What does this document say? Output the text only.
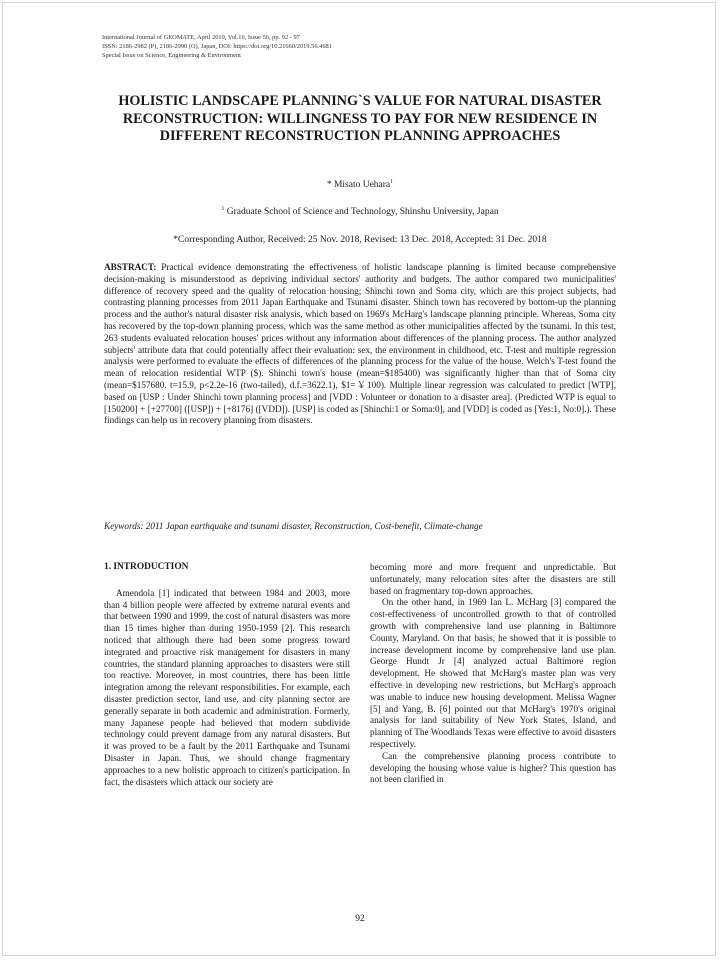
International Journal of GEOMATE, April 2019, Vol.16, Issue 56, pp. 92 - 97
ISSN: 2186-2982 (P), 2186-2990 (O), Japan, DOI: https://doi.org/10.21660/2019.56.4681
Special Issue on Science, Engineering & Environment
HOLISTIC LANDSCAPE PLANNING`S VALUE FOR NATURAL DISASTER RECONSTRUCTION: WILLINGNESS TO PAY FOR NEW RESIDENCE IN DIFFERENT RECONSTRUCTION PLANNING APPROACHES
* Misato Uehara$^1$
$^1$ Graduate School of Science and Technology, Shinshu University, Japan
*Corresponding Author, Received: 25 Nov. 2018, Revised: 13 Dec. 2018, Accepted: 31 Dec. 2018
ABSTRACT: Practical evidence demonstrating the effectiveness of holistic landscape planning is limited because comprehensive decision-making is misunderstood as depriving individual sectors' authority and budgets. The author compared two municipalities' difference of recovery speed and the quality of relocation housing; Shinchi town and Soma city, which are this project subjects, had contrasting planning processes from 2011 Japan Earthquake and Tsunami disaster. Shinch town has recovered by bottom-up the planning process and the author's natural disaster risk analysis, which based on 1969's McHarg's landscape planning principle. Whereas, Soma city has recovered by the top-down planning process, which was the same method as other municipalities affected by the tsunami. In this test, 263 students evaluated relocation houses' prices without any information about differences of the planning process. The author analyzed subjects' attribute data that could potentially affect their evaluation: sex, the environment in childhood, etc. T-test and multiple regression analysis were performed to evaluate the effects of differences of the planning process for the value of the house. Welch's T-test found the mean of relocation residential WTP ($). Shinchi town's house (mean=$185400) was significantly higher than that of Soma city (mean=$157680. t=15.9, p<2.2e-16 (two-tailed), d.f.=3622.1), $1=￥100). Multiple linear regression was calculated to predict [WTP], based on [USP : Under Shinchi town planning process] and [VDD : Volunteer or donation to a disaster area]. (Predicted WTP is equal to [150200] + [+27700] ([USP]) + [+8176] ([VDD]). [USP] is coded as [Shinchi:1 or Soma:0], and [VDD] is coded as [Yes:1, No:0].). These findings can help us in recovery planning from disasters.
Keywords: 2011 Japan earthquake and tsunami disaster, Reconstruction, Cost-benefit, Climate-change
1. INTRODUCTION

Amendola [1] indicated that between 1984 and 2003, more than 4 billion people were affected by extreme natural events and that between 1990 and 1999, the cost of natural disasters was more than 15 times higher than during 1950-1959 [2]. This research noticed that although there had been some progress toward integrated and proactive risk management for disasters in many countries, the standard planning approaches to disasters were still too reactive. Moreover, in most countries, there has been little integration among the relevant responsibilities. For example, each disaster prediction sector, land use, and city planning sector are generally separate in both academic and administration. Formerly, many Japanese people had believed that modern subdivide technology could prevent damage from any natural disasters. But it was proved to be a fault by the 2011 Earthquake and Tsunami Disaster in Japan. Thus, we should change fragmentary approaches to a new holistic approach to citizen's participation. In fact, the disasters which attack our society are

becoming more and more frequent and unpredictable. But unfortunately, many relocation sites after the disasters are still based on fragmentary top-down approaches.

On the other hand, in 1969 Ian L. McHarg [3] compared the cost-effectiveness of uncontrolled growth to that of controlled growth with comprehensive land use planning in Baltimore County, Maryland. On that basis, he showed that it is possible to increase development income by comprehensive land use plan. George Hundt Jr [4] analyzed actual Baltimore region development. He showed that McHarg's master plan was very effective in developing new restrictions, but McHarg's approach was unable to induce new housing development. Melissa Wagner [5] and Yang, B. [6] pointed out that McHarg's 1970's original analysis for land suitability of New York States, Island, and planning of The Woodlands Texas were effective to avoid disasters respectively.

Can the comprehensive planning process contribute to developing the housing whose value is higher? This question has not been clarified in

92
